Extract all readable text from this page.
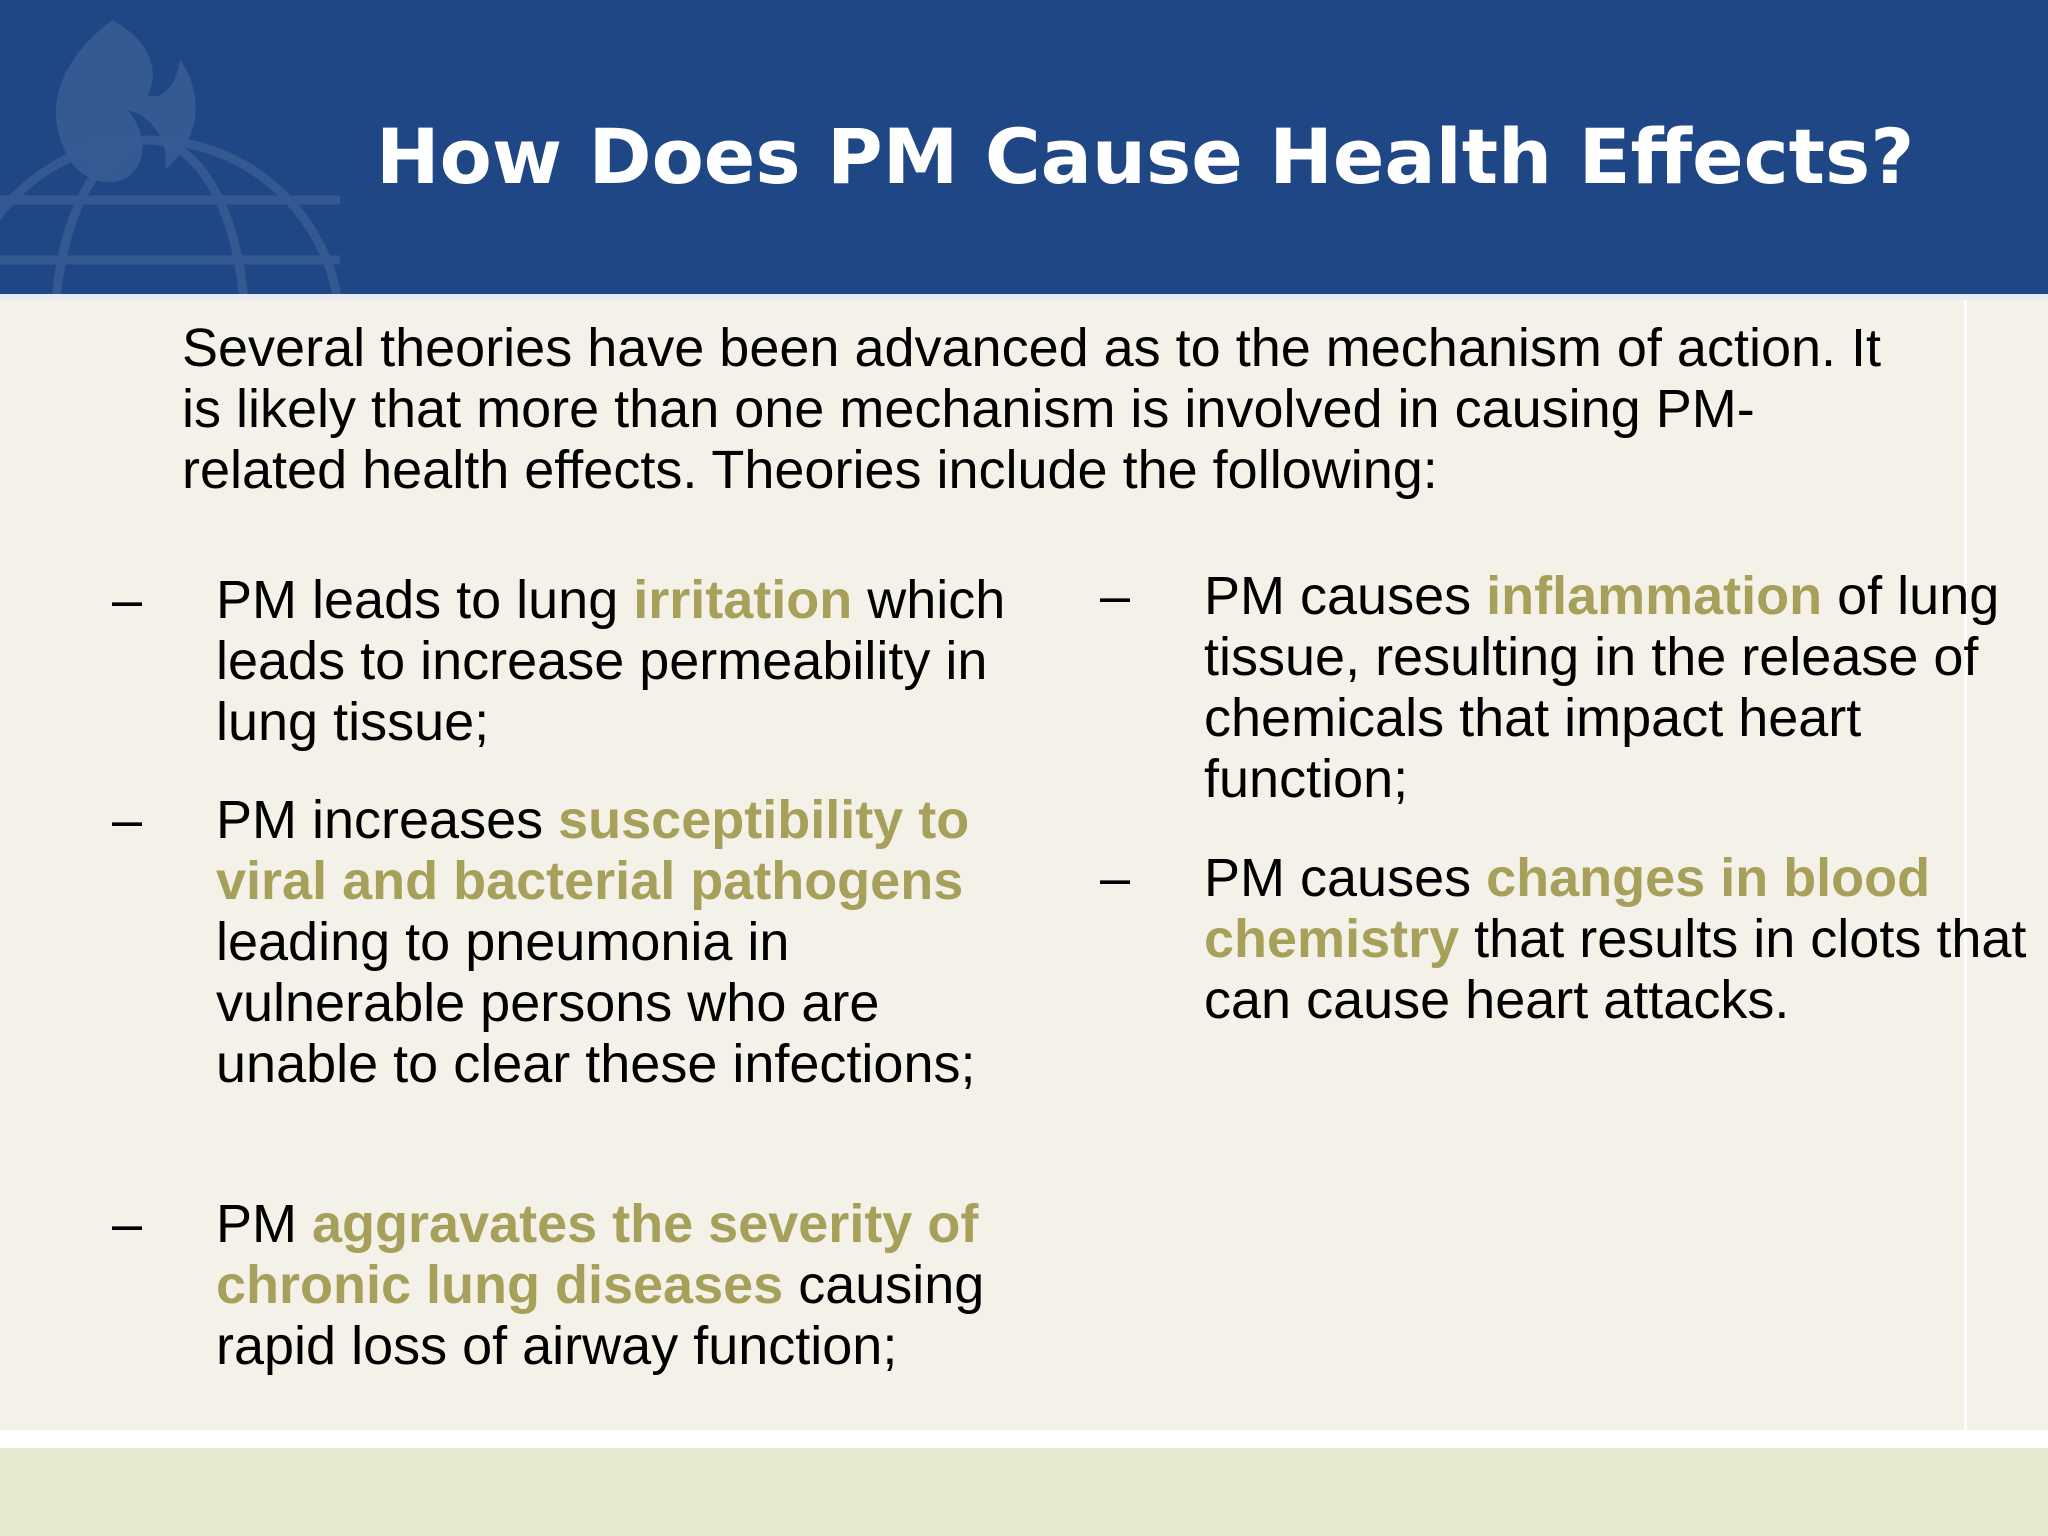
How Does PM Cause Health Effects?

Several theories have been advanced as to the mechanism of action. It is likely that more than one mechanism is involved in causing PM-related health effects. Theories include the following:

– PM leads to lung irritation which leads to increase permeability in lung tissue;
– PM increases susceptibility to viral and bacterial pathogens leading to pneumonia in vulnerable persons who are unable to clear these infections;
– PM aggravates the severity of chronic lung diseases causing rapid loss of airway function;
– PM causes inflammation of lung tissue, resulting in the release of chemicals that impact heart function;
– PM causes changes in blood chemistry that results in clots that can cause heart attacks.
